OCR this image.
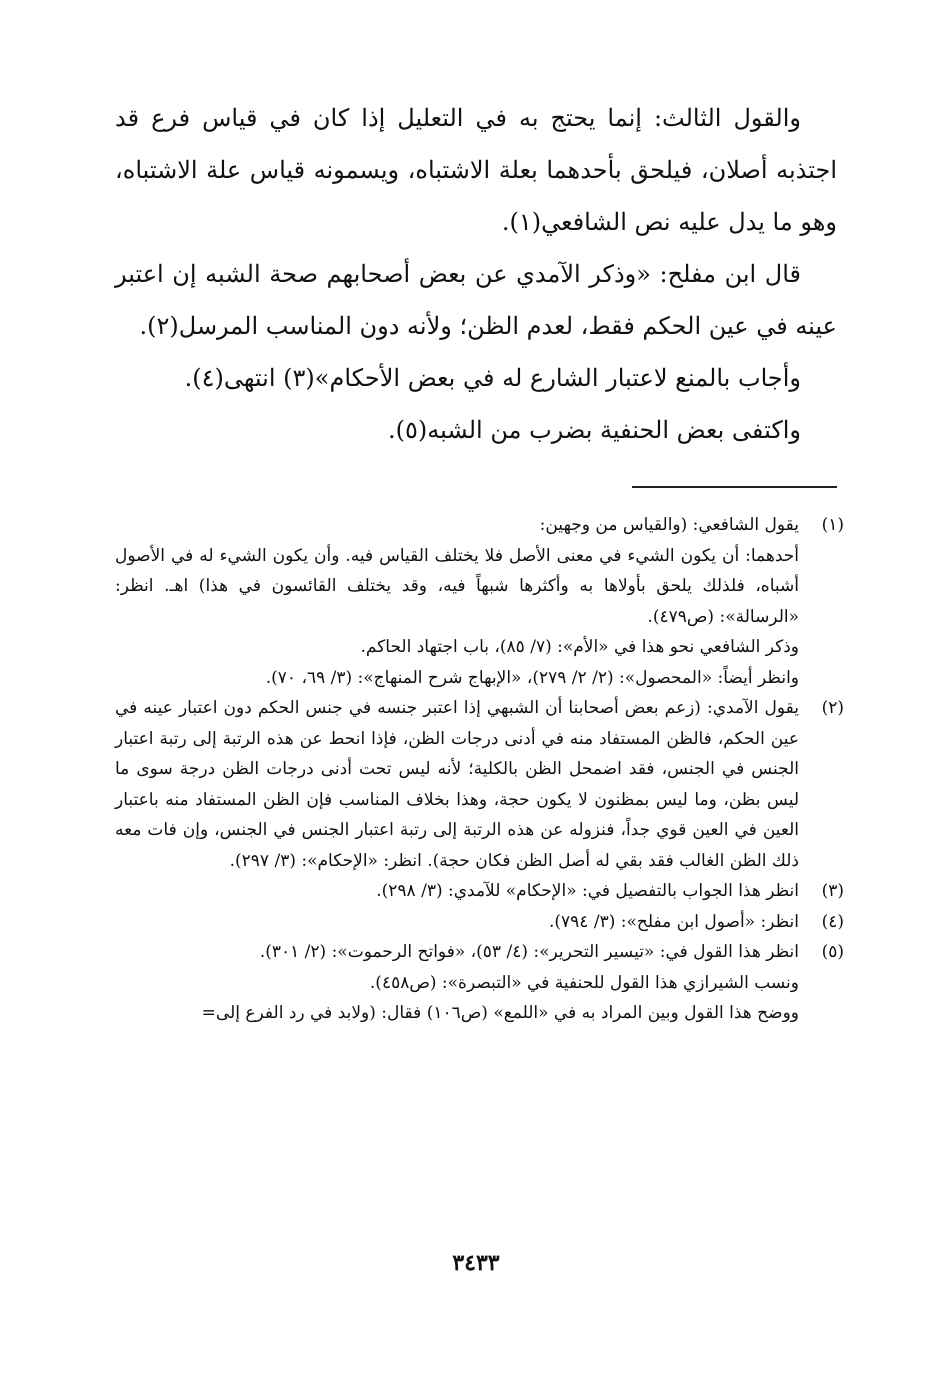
والقول الثالث: إنما يحتج به في التعليل إذا كان في قياس فرع قد اجتذبه أصلان، فيلحق بأحدهما بعلة الاشتباه، ويسمونه قياس علة الاشتباه، وهو ما يدل عليه نص الشافعي(١).

قال ابن مفلح: «وذكر الآمدي عن بعض أصحابهم صحة الشبه إن اعتبر عينه في عين الحكم فقط، لعدم الظن؛ ولأنه دون المناسب المرسل(٢).

وأجاب بالمنع لاعتبار الشارع له في بعض الأحكام»(٣) انتهى(٤).

واكتفى بعض الحنفية بضرب من الشبه(٥).

(١)
يقول الشافعي: (والقياس من وجهين:
أحدهما: أن يكون الشيء في معنى الأصل فلا يختلف القياس فيه. وأن يكون الشيء له في الأصول أشباه، فلذلك يلحق بأولاها به وأكثرها شبهاً فيه، وقد يختلف القائسون في هذا) اهـ. انظر: «الرسالة»: (ص٤٧٩).
وذكر الشافعي نحو هذا في «الأم»: (٧/ ٨٥)، باب اجتهاد الحاكم.
وانظر أيضاً: «المحصول»: (٢/ ٢/ ٢٧٩)، «الإبهاج شرح المنهاج»: (٣/ ٦٩، ٧٠).
(٢)
يقول الآمدي: (زعم بعض أصحابنا أن الشبهي إذا اعتبر جنسه في جنس الحكم دون اعتبار عينه في عين الحكم، فالظن المستفاد منه في أدنى درجات الظن، فإذا انحط عن هذه الرتبة إلى رتبة اعتبار الجنس في الجنس، فقد اضمحل الظن بالكلية؛ لأنه ليس تحت أدنى درجات الظن درجة سوى ما ليس بظن، وما ليس بمظنون لا يكون حجة، وهذا بخلاف المناسب فإن الظن المستفاد منه باعتبار العين في العين قوي جداً، فنزوله عن هذه الرتبة إلى رتبة اعتبار الجنس في الجنس، وإن فات معه ذلك الظن الغالب فقد بقي له أصل الظن فكان حجة). انظر: «الإحكام»: (٣/ ٢٩٧).
(٣)
انظر هذا الجواب بالتفصيل في: «الإحكام» للآمدي: (٣/ ٢٩٨).
(٤)
انظر: «أصول ابن مفلح»: (٣/ ٧٩٤).
(٥)
انظر هذا القول في: «تيسير التحرير»: (٤/ ٥٣)، «فواتح الرحموت»: (٢/ ٣٠١).
ونسب الشيرازي هذا القول للحنفية في «التبصرة»: (ص٤٥٨).
ووضح هذا القول وبين المراد به في «اللمع» (ص١٠٦) فقال: (ولابد في رد الفرع إلى=
٣٤٣٣
